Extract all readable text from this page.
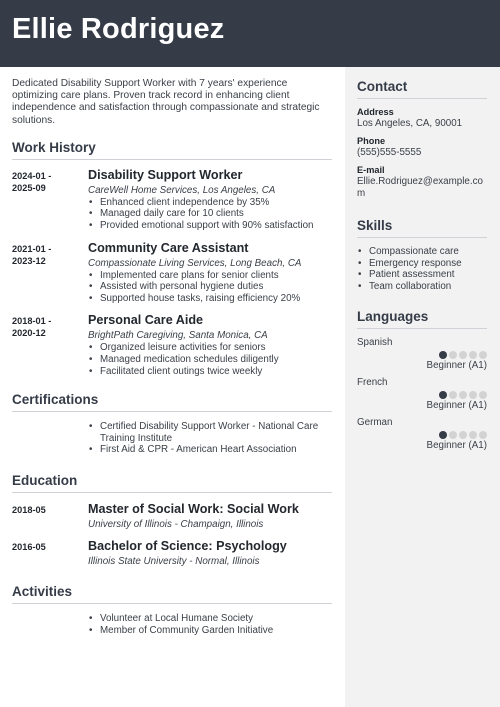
Ellie Rodriguez
Contact
Address
Los Angeles, CA, 90001
Phone
(555)555-5555
E-mail
Ellie.Rodriguez@example.com
Skills
• Compassionate care
• Emergency response
• Patient assessment
• Team collaboration
Languages
Spanish
Beginner (A1)
French
Beginner (A1)
German
Beginner (A1)

Dedicated Disability Support Worker with 7 years' experience optimizing care plans. Proven track record in enhancing client independence and satisfaction through compassionate and strategic solutions.

Work History
2024-01 -
2025-09
Disability Support Worker
CareWell Home Services, Los Angeles, CA
• Enhanced client independence by 35%
• Managed daily care for 10 clients
• Provided emotional support with 90% satisfaction
2021-01 -
2023-12
Community Care Assistant
Compassionate Living Services, Long Beach, CA
• Implemented care plans for senior clients
• Assisted with personal hygiene duties
• Supported house tasks, raising efficiency 20%
2018-01 -
2020-12
Personal Care Aide
BrightPath Caregiving, Santa Monica, CA
• Organized leisure activities for seniors
• Managed medication schedules diligently
• Facilitated client outings twice weekly
Certifications
• Certified Disability Support Worker - National Care Training Institute
• First Aid & CPR - American Heart Association
Education
2018-05	Master of Social Work: Social Work
University of Illinois - Champaign, Illinois
2016-05	Bachelor of Science: Psychology
Illinois State University - Normal, Illinois
Activities
• Volunteer at Local Humane Society
• Member of Community Garden Initiative
